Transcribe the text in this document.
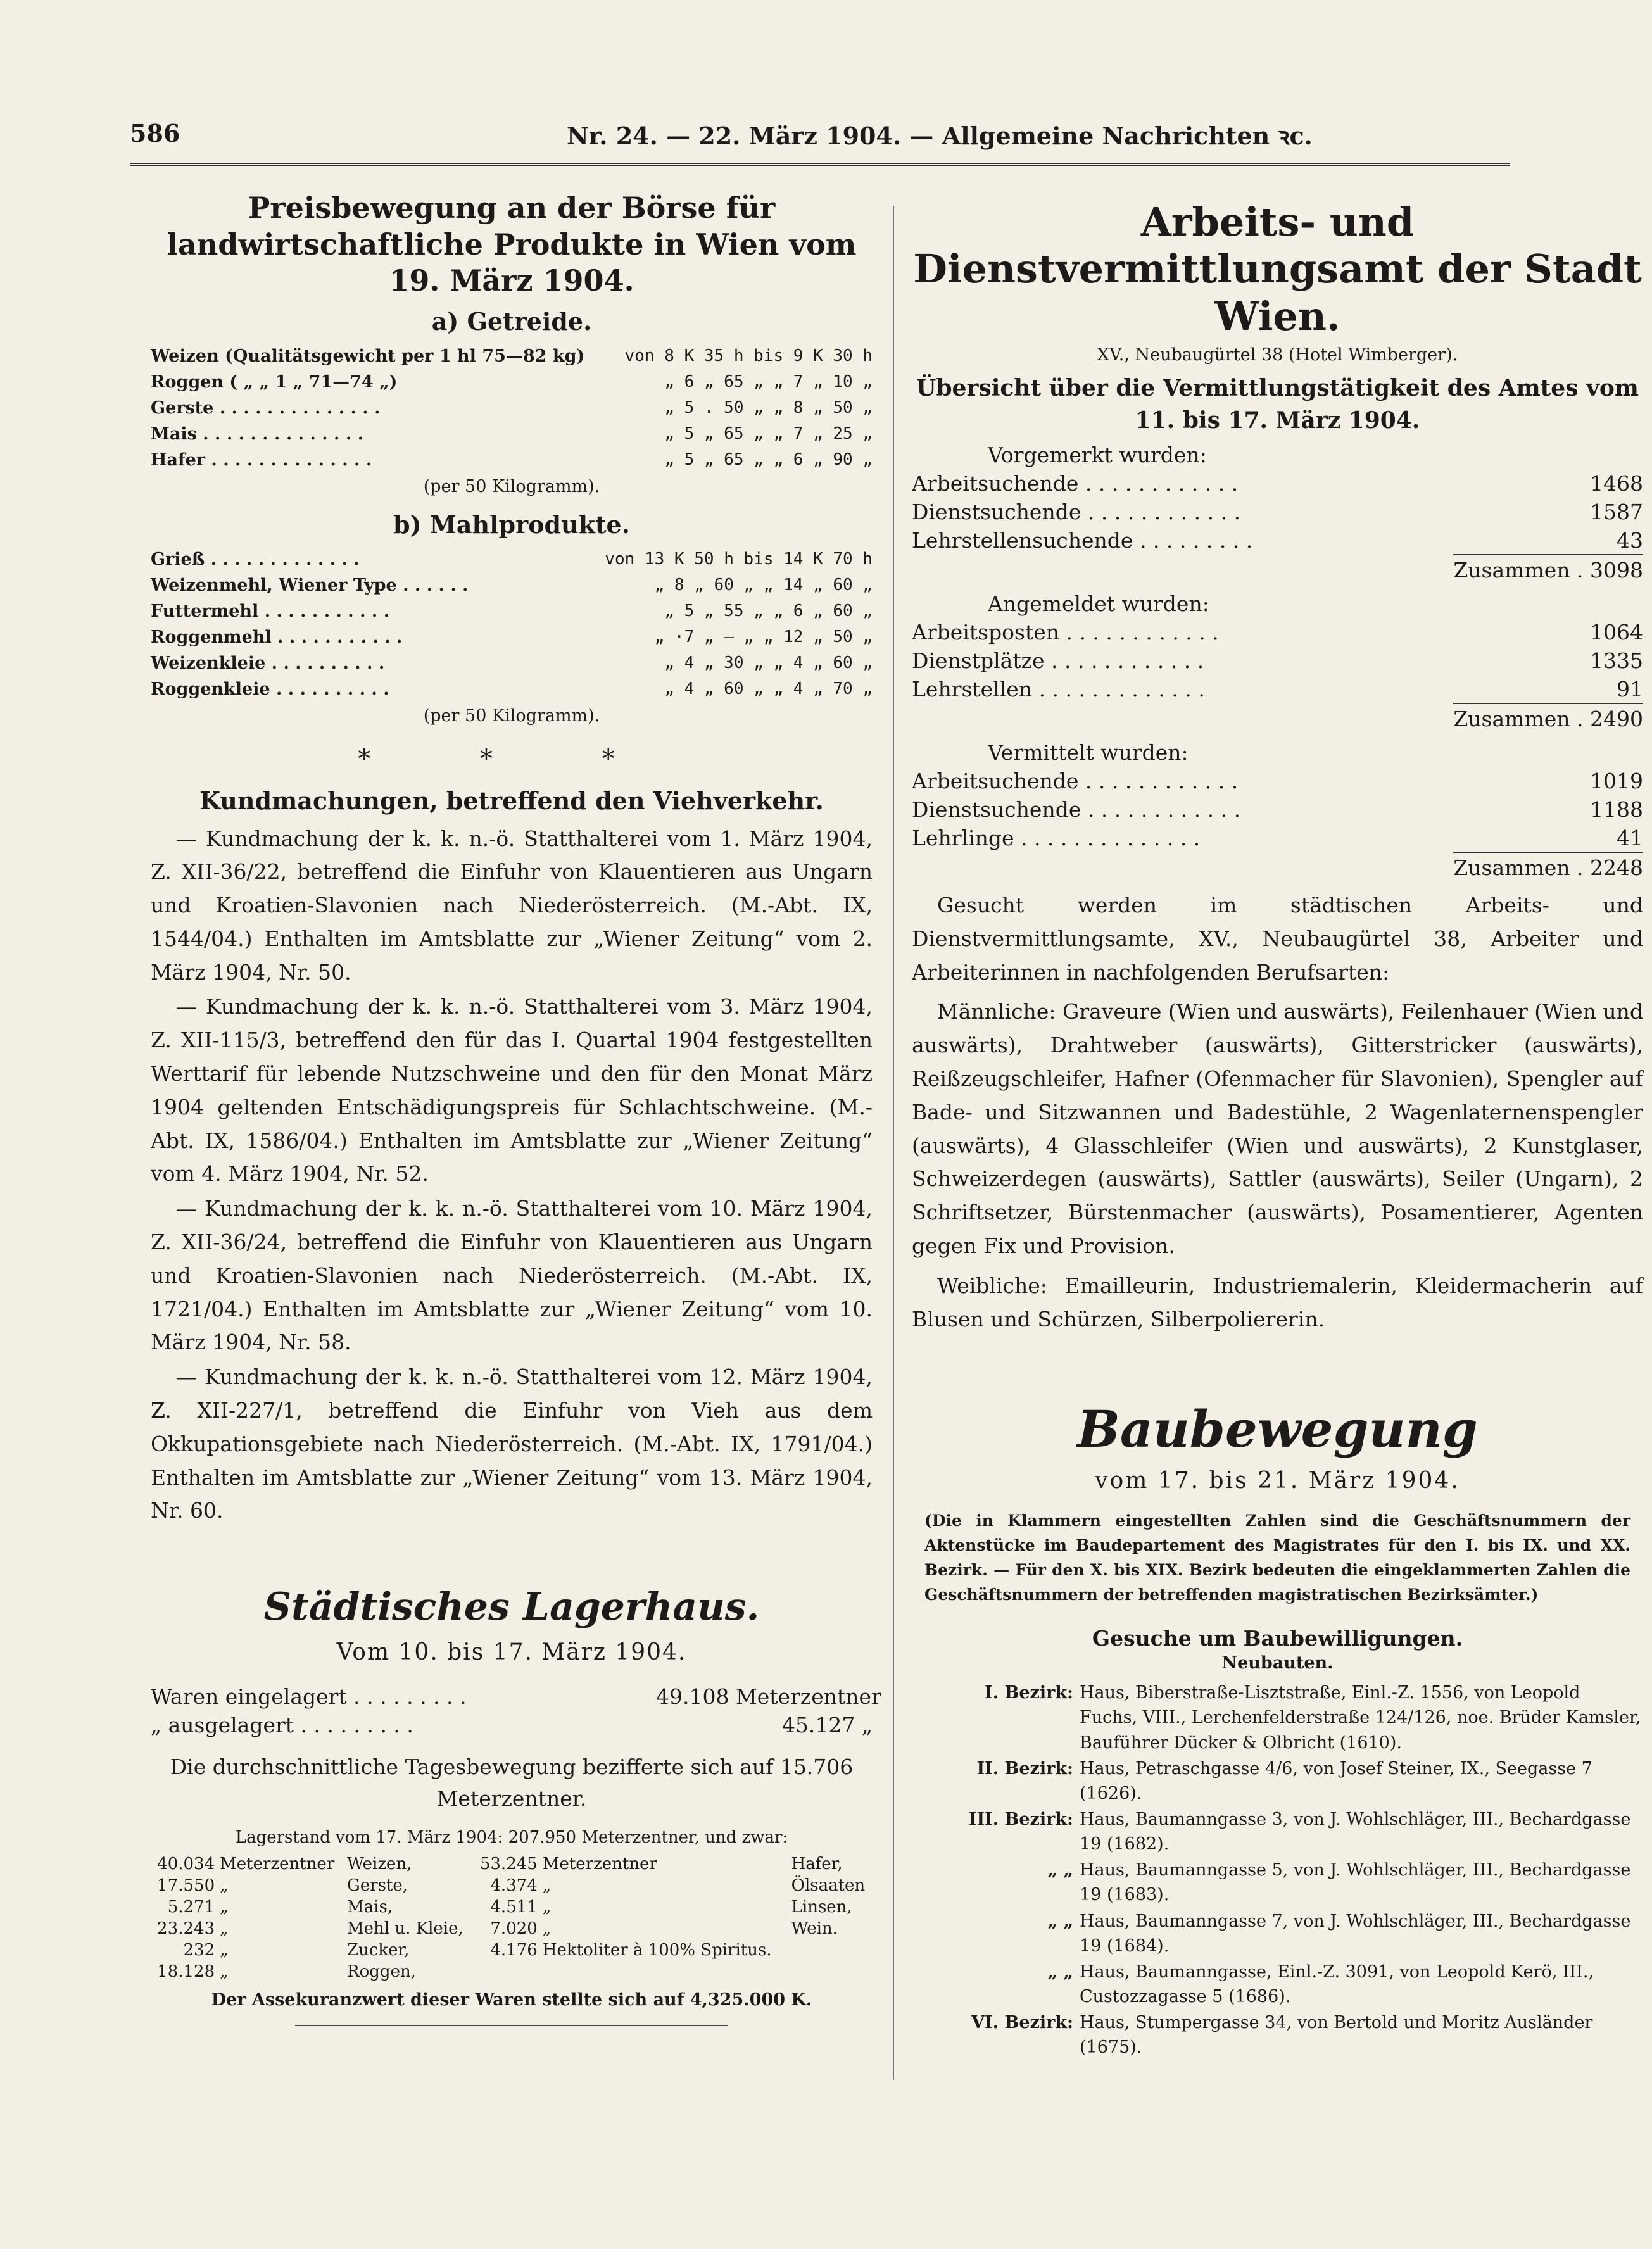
586	Nr. 24. — 22. März 1904. — Allgemeine Nachrichten ꝛc.
Preisbewegung an der Börse für landwirtschaftliche Produkte in Wien vom 19. März 1904.
a) Getreide.
Weizen (Qualitätsgewicht per 1 hl 75—82 kg)	von 8 K 35 h bis 9 K 30 h
Roggen ( „ „ 1 „ 71—74 „)	„ 6 „ 65 „ „ 7 „ 10 „
Gerste . . . . . . . . . . . . . .	„ 5 . 50 „ „ 8 „ 50 „
Mais . . . . . . . . . . . . . .	„ 5 „ 65 „ „ 7 „ 25 „
Hafer . . . . . . . . . . . . . .	„ 5 „ 65 „ „ 6 „ 90 „
(per 50 Kilogramm).
b) Mahlprodukte.
Grieß . . . . . . . . . . . . .	von 13 K 50 h bis 14 K 70 h
Weizenmehl, Wiener Type . . . . . .	„ 8 „ 60 „ „ 14 „ 60 „
Futtermehl . . . . . . . . . . .	„ 5 „ 55 „ „ 6 „ 60 „
Roggenmehl . . . . . . . . . . .	„ ·7 „ — „ „ 12 „ 50 „
Weizenkleie . . . . . . . . . .	„ 4 „ 30 „ „ 4 „ 60 „
Roggenkleie . . . . . . . . . .	„ 4 „ 60 „ „ 4 „ 70 „
(per 50 Kilogramm).
* * *
Kundmachungen, betreffend den Viehverkehr.

— Kundmachung der k. k. n.-ö. Statthalterei vom 1. März 1904, Z. XII-36/22, betreffend die Einfuhr von Klauentieren aus Ungarn und Kroatien-Slavonien nach Niederösterreich. (M.-Abt. IX, 1544/04.) Enthalten im Amtsblatte zur „Wiener Zeitung“ vom 2. März 1904, Nr. 50.

— Kundmachung der k. k. n.-ö. Statthalterei vom 3. März 1904, Z. XII-115/3, betreffend den für das I. Quartal 1904 festgestellten Werttarif für lebende Nutzschweine und den für den Monat März 1904 geltenden Entschädigungspreis für Schlachtschweine. (M.-Abt. IX, 1586/04.) Enthalten im Amtsblatte zur „Wiener Zeitung“ vom 4. März 1904, Nr. 52.

— Kundmachung der k. k. n.-ö. Statthalterei vom 10. März 1904, Z. XII-36/24, betreffend die Einfuhr von Klauentieren aus Ungarn und Kroatien-Slavonien nach Niederösterreich. (M.-Abt. IX, 1721/04.) Enthalten im Amtsblatte zur „Wiener Zeitung“ vom 10. März 1904, Nr. 58.

— Kundmachung der k. k. n.-ö. Statthalterei vom 12. März 1904, Z. XII-227/1, betreffend die Einfuhr von Vieh aus dem Okkupationsgebiete nach Niederösterreich. (M.-Abt. IX, 1791/04.) Enthalten im Amtsblatte zur „Wiener Zeitung“ vom 13. März 1904, Nr. 60.

Städtisches Lagerhaus.
Vom 10. bis 17. März 1904.
Waren eingelagert . . . . . . . . .	49.108 Meterzentner
„ ausgelagert . . . . . . . . .	45.127 „
Die durchschnittliche Tagesbewegung bezifferte sich auf 15.706 Meterzentner.
Lagerstand vom 17. März 1904: 207.950 Meterzentner, und zwar:
40.034	Meterzentner	Weizen,	53.245	Meterzentner	Hafer,
17.550	„	Gerste,	4.374	„	Ölsaaten
5.271	„	Mais,	4.511	„	Linsen,
23.243	„	Mehl u. Kleie,	7.020	„	Wein.
232	„	Zucker,	4.176	Hektoliter à 100% Spiritus.	
18.128	„	Roggen,			
Der Assekuranzwert dieser Waren stellte sich auf 4,325.000 K.
Arbeits- und Dienstvermittlungsamt der Stadt Wien.
XV., Neubaugürtel 38 (Hotel Wimberger).
Übersicht über die Vermittlungstätigkeit des Amtes vom 11. bis 17. März 1904.
Vorgemerkt wurden:
Arbeitsuchende . . . . . . . . . . . .	1468
Dienstsuchende . . . . . . . . . . . .	1587
Lehrstellensuchende . . . . . . . . .	43
Zusammen . 3098
Angemeldet wurden:
Arbeitsposten . . . . . . . . . . . .	1064
Dienstplätze . . . . . . . . . . . .	1335
Lehrstellen . . . . . . . . . . . . .	91
Zusammen . 2490
Vermittelt wurden:
Arbeitsuchende . . . . . . . . . . . .	1019
Dienstsuchende . . . . . . . . . . . .	1188
Lehrlinge . . . . . . . . . . . . . .	41
Zusammen . 2248
Gesucht werden im städtischen Arbeits- und Dienstvermittlungsamte, XV., Neubaugürtel 38, Arbeiter und Arbeiterinnen in nachfolgenden Berufsarten:
Männliche: Graveure (Wien und auswärts), Feilenhauer (Wien und auswärts), Drahtweber (auswärts), Gitterstricker (auswärts), Reißzeugschleifer, Hafner (Ofenmacher für Slavonien), Spengler auf Bade- und Sitzwannen und Badestühle, 2 Wagenlaternenspengler (auswärts), 4 Glasschleifer (Wien und auswärts), 2 Kunstglaser, Schweizerdegen (auswärts), Sattler (auswärts), Seiler (Ungarn), 2 Schriftsetzer, Bürstenmacher (auswärts), Posamentierer, Agenten gegen Fix und Provision.
Weibliche: Emailleurin, Industriemalerin, Kleidermacherin auf Blusen und Schürzen, Silberpoliererin.
Baubewegung
vom 17. bis 21. März 1904.
(Die in Klammern eingestellten Zahlen sind die Geschäftsnummern der Aktenstücke im Baudepartement des Magistrates für den I. bis IX. und XX. Bezirk. — Für den X. bis XIX. Bezirk bedeuten die eingeklammerten Zahlen die Geschäftsnummern der betreffenden magistratischen Bezirksämter.)
Gesuche um Baubewilligungen.
Neubauten.
I. Bezirk: Haus, Biberstraße-Lisztstraße, Einl.-Z. 1556, von Leopold Fuchs, VIII., Lerchenfelderstraße 124/126, noe. Brüder Kamsler, Bauführer Dücker & Olbricht (1610).
II. Bezirk: Haus, Petraschgasse 4/6, von Josef Steiner, IX., Seegasse 7 (1626).
III. Bezirk: Haus, Baumanngasse 3, von J. Wohlschläger, III., Bechardgasse 19 (1682).
„ „ Haus, Baumanngasse 5, von J. Wohlschläger, III., Bechardgasse 19 (1683).
„ „ Haus, Baumanngasse 7, von J. Wohlschläger, III., Bechardgasse 19 (1684).
„ „ Haus, Baumanngasse, Einl.-Z. 3091, von Leopold Kerö, III., Custozzagasse 5 (1686).
VI. Bezirk: Haus, Stumpergasse 34, von Bertold und Moritz Ausländer (1675).
